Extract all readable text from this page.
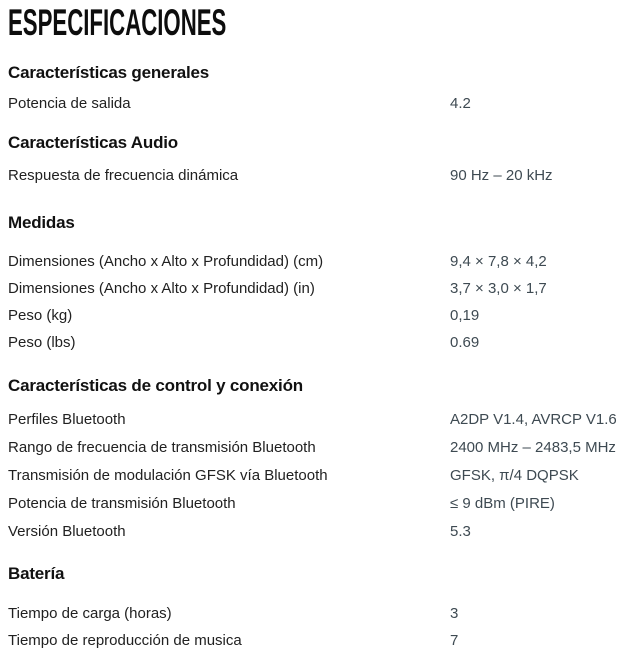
ESPECIFICACIONES
Características generales
Potencia de salida	4.2
Características Audio
Respuesta de frecuencia dinámica	90 Hz – 20 kHz
Medidas
Dimensiones (Ancho x Alto x Profundidad) (cm)	9,4 × 7,8 × 4,2
Dimensiones (Ancho x Alto x Profundidad) (in)	3,7 × 3,0 × 1,7
Peso (kg)	0,19
Peso (lbs)	0.69
Características de control y conexión
Perfiles Bluetooth	A2DP V1.4, AVRCP V1.6
Rango de frecuencia de transmisión Bluetooth	2400 MHz – 2483,5 MHz
Transmisión de modulación GFSK vía Bluetooth	GFSK, π/4 DQPSK
Potencia de transmisión Bluetooth	≤ 9 dBm (PIRE)
Versión Bluetooth	5.3
Batería
Tiempo de carga (horas)	3
Tiempo de reproducción de musica	7
